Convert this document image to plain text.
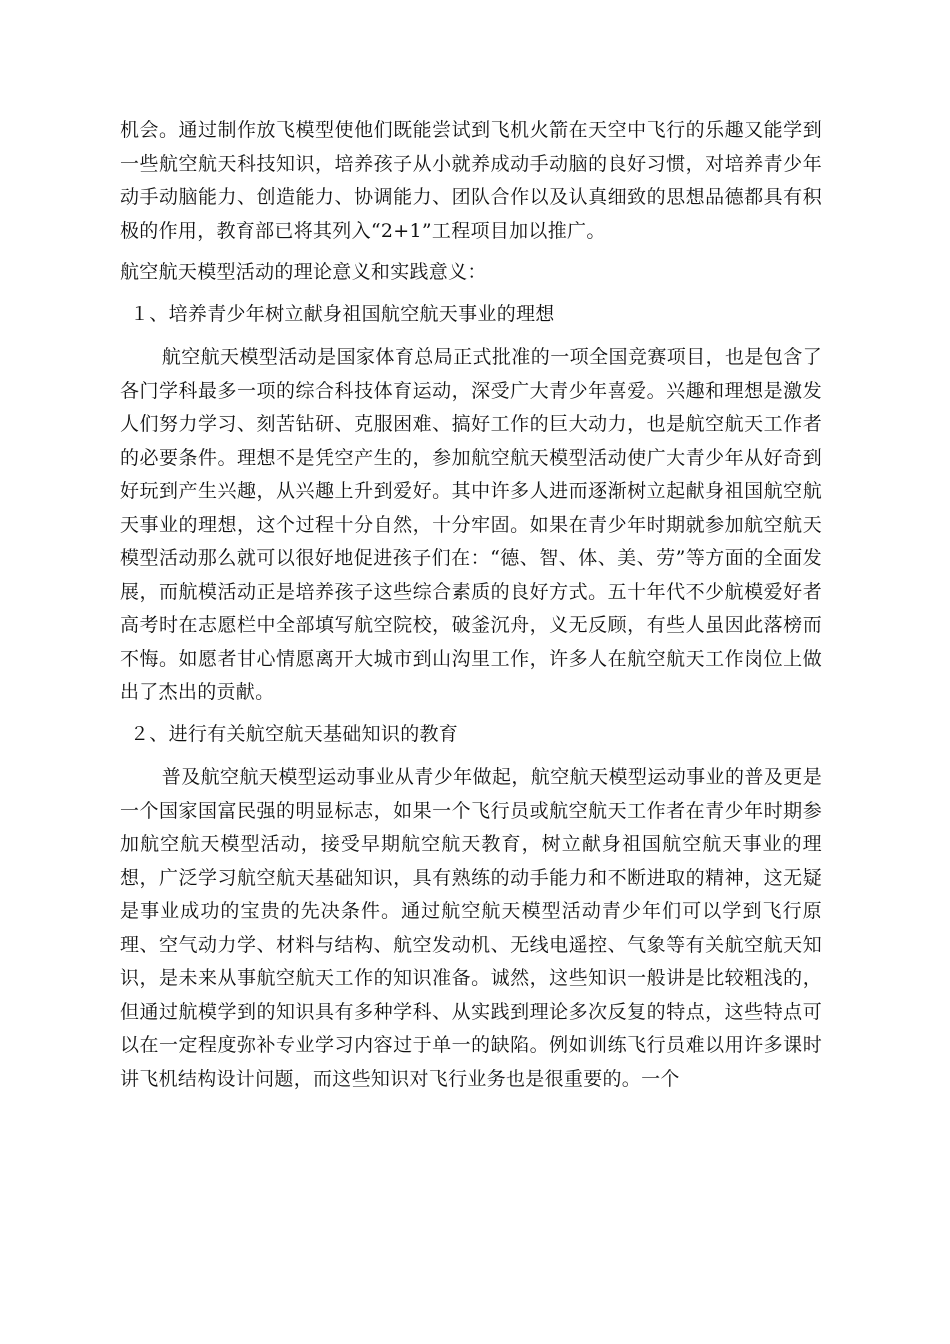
机会。通过制作放飞模型使他们既能尝试到飞机火箭在天空中飞行的乐趣又能学到一些航空航天科技知识，培养孩子从小就养成动手动脑的良好习惯，对培养青少年动手动脑能力、创造能力、协调能力、团队合作以及认真细致的思想品德都具有积极的作用，教育部已将其列入“2+1”工程项目加以推广。

航空航天模型活动的理论意义和实践意义：

１、培养青少年树立献身祖国航空航天事业的理想

航空航天模型活动是国家体育总局正式批准的一项全国竞赛项目，也是包含了各门学科最多一项的综合科技体育运动，深受广大青少年喜爱。兴趣和理想是激发人们努力学习、刻苦钻研、克服困难、搞好工作的巨大动力，也是航空航天工作者的必要条件。理想不是凭空产生的，参加航空航天模型活动使广大青少年从好奇到好玩到产生兴趣，从兴趣上升到爱好。其中许多人进而逐渐树立起献身祖国航空航天事业的理想，这个过程十分自然，十分牢固。如果在青少年时期就参加航空航天模型活动那么就可以很好地促进孩子们在：“德、智、体、美、劳”等方面的全面发展，而航模活动正是培养孩子这些综合素质的良好方式。五十年代不少航模爱好者高考时在志愿栏中全部填写航空院校，破釜沉舟，义无反顾，有些人虽因此落榜而不悔。如愿者甘心情愿离开大城市到山沟里工作，许多人在航空航天工作岗位上做出了杰出的贡献。

２、进行有关航空航天基础知识的教育

普及航空航天模型运动事业从青少年做起，航空航天模型运动事业的普及更是一个国家国富民强的明显标志，如果一个飞行员或航空航天工作者在青少年时期参加航空航天模型活动，接受早期航空航天教育，树立献身祖国航空航天事业的理想，广泛学习航空航天基础知识，具有熟练的动手能力和不断进取的精神，这无疑是事业成功的宝贵的先决条件。通过航空航天模型活动青少年们可以学到飞行原理、空气动力学、材料与结构、航空发动机、无线电遥控、气象等有关航空航天知识，是未来从事航空航天工作的知识准备。诚然，这些知识一般讲是比较粗浅的，但通过航模学到的知识具有多种学科、从实践到理论多次反复的特点，这些特点可以在一定程度弥补专业学习内容过于单一的缺陷。例如训练飞行员难以用许多课时讲飞机结构设计问题，而这些知识对飞行业务也是很重要的。一个
